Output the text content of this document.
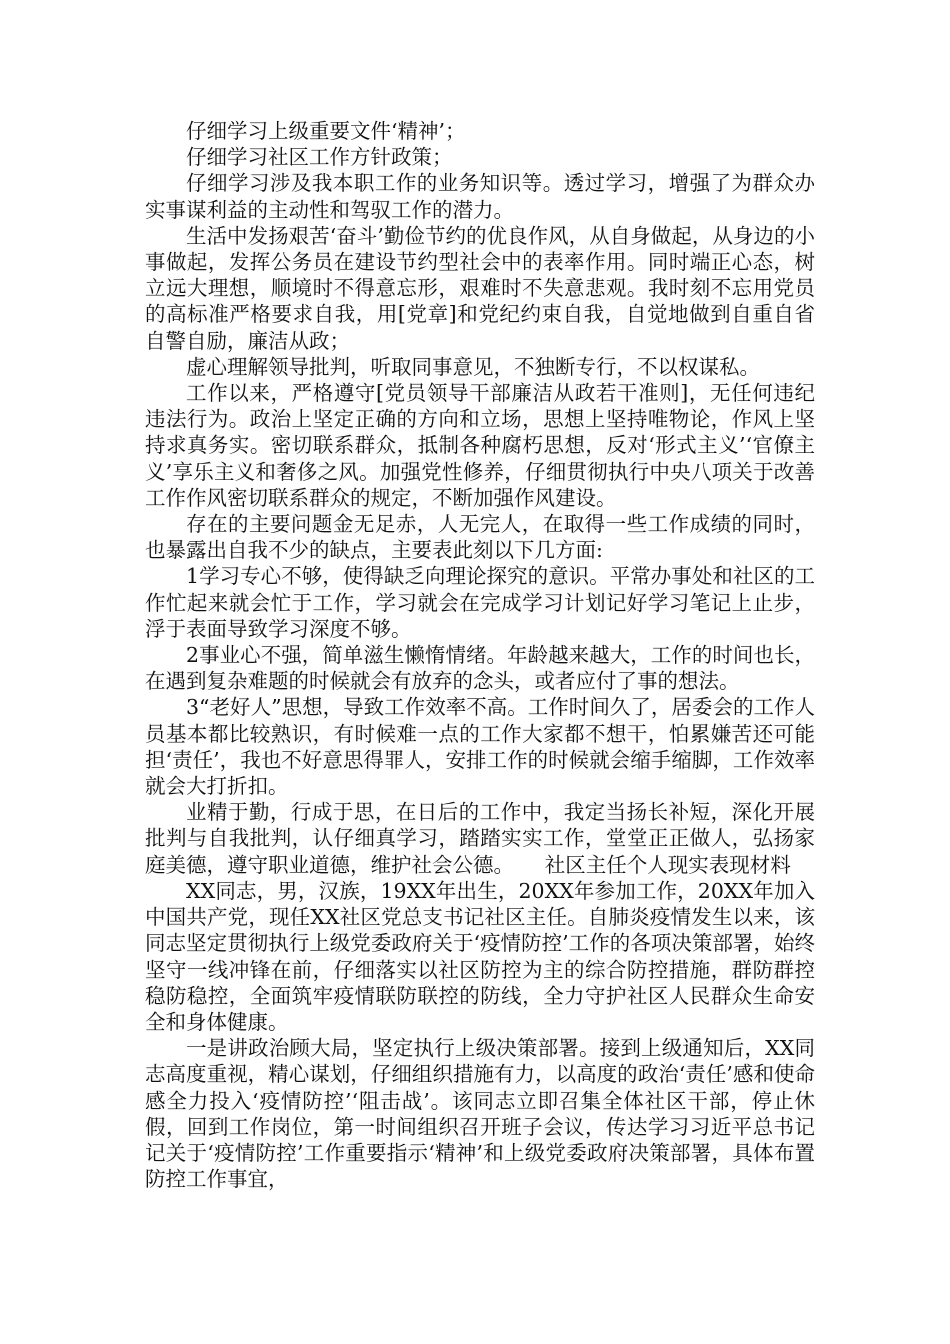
仔细学习上级重要文件‘精神’；

仔细学习社区工作方针政策；

仔细学习涉及我本职工作的业务知识等。透过学习，增强了为群众办实事谋利益的主动性和驾驭工作的潜力。

生活中发扬艰苦‘奋斗’勤俭节约的优良作风，从自身做起，从身边的小事做起，发挥公务员在建设节约型社会中的表率作用。同时端正心态，树立远大理想，顺境时不得意忘形，艰难时不失意悲观。我时刻不忘用党员的高标准严格要求自我，用[党章]和党纪约束自我，自觉地做到自重自省自警自励，廉洁从政；

虚心理解领导批判，听取同事意见，不独断专行，不以权谋私。

工作以来，严格遵守[党员领导干部廉洁从政若干准则]，无任何违纪违法行为。政治上坚定正确的方向和立场，思想上坚持唯物论，作风上坚持求真务实。密切联系群众，抵制各种腐朽思想，反对‘形式主义’‘官僚主义’享乐主义和奢侈之风。加强党性修养，仔细贯彻执行中央八项关于改善工作作风密切联系群众的规定，不断加强作风建设。

存在的主要问题金无足赤，人无完人，在取得一些工作成绩的同时，也暴露出自我不少的缺点，主要表此刻以下几方面:

1学习专心不够，使得缺乏向理论探究的意识。平常办事处和社区的工作忙起来就会忙于工作，学习就会在完成学习计划记好学习笔记上止步，浮于表面导致学习深度不够。

2事业心不强，简单滋生懒惰情绪。年龄越来越大，工作的时间也长，在遇到复杂难题的时候就会有放弃的念头，或者应付了事的想法。

3“老好人”思想，导致工作效率不高。工作时间久了，居委会的工作人员基本都比较熟识，有时候难一点的工作大家都不想干，怕累嫌苦还可能担‘责任’，我也不好意思得罪人，安排工作的时候就会缩手缩脚，工作效率就会大打折扣。

业精于勤，行成于思，在日后的工作中，我定当扬长补短，深化开展批判与自我批判，认仔细真学习，踏踏实实工作，堂堂正正做人，弘扬家庭美德，遵守职业道德，维护社会公德。　　社区主任个人现实表现材料

XX同志，男，汉族，19XX年出生，20XX年参加工作，20XX年加入中国共产党，现任XX社区党总支书记社区主任。自肺炎疫情发生以来，该同志坚定贯彻执行上级党委政府关于‘疫情防控’工作的各项决策部署，始终坚守一线冲锋在前，仔细落实以社区防控为主的综合防控措施，群防群控稳防稳控，全面筑牢疫情联防联控的防线，全力守护社区人民群众生命安全和身体健康。

一是讲政治顾大局，坚定执行上级决策部署。接到上级通知后，XX同志高度重视，精心谋划，仔细组织措施有力，以高度的政治‘责任’感和使命感全力投入‘疫情防控’‘阻击战’。该同志立即召集全体社区干部，停止休假，回到工作岗位，第一时间组织召开班子会议，传达学习习近平总书记记关于‘疫情防控’工作重要指示‘精神’和上级党委政府决策部署，具体布置防控工作事宜，
